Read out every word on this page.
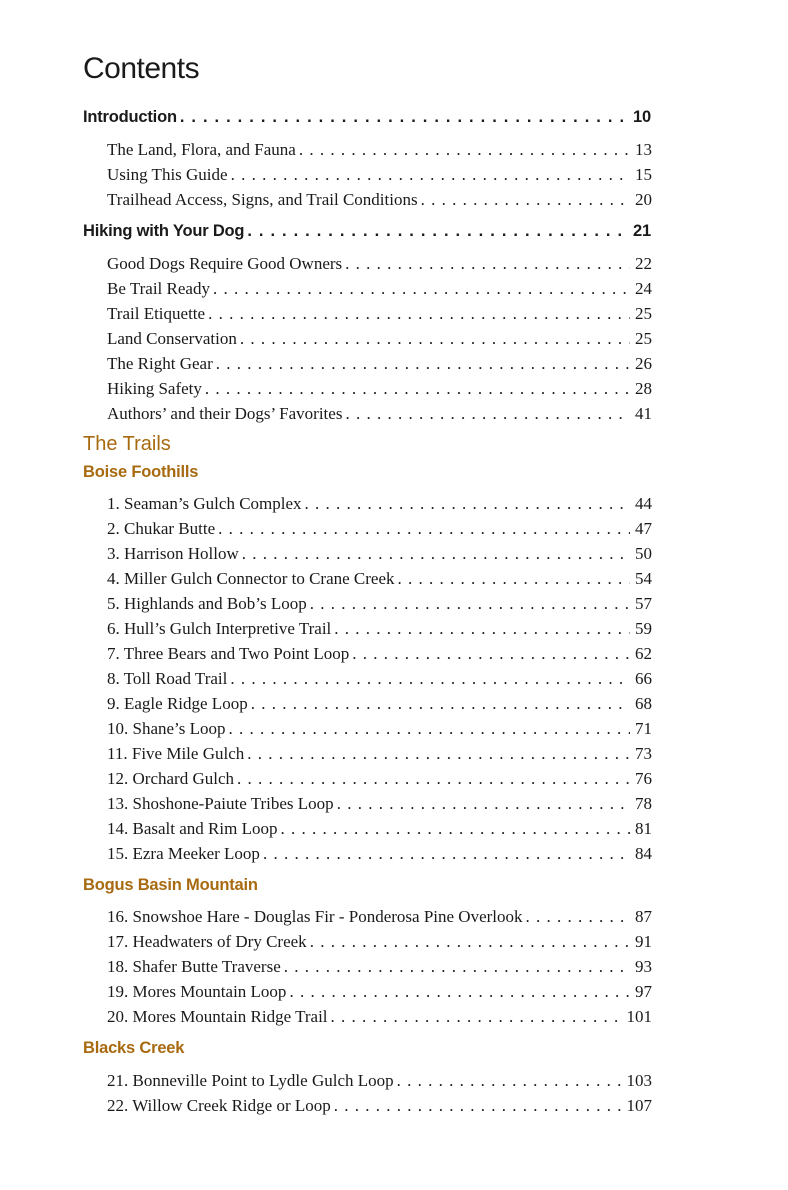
Contents
Introduction . . .	10
The Land, Flora, and Fauna . . .	13
Using This Guide . . .	15
Trailhead Access, Signs, and Trail Conditions . . .	20
Hiking with Your Dog . . .	21
Good Dogs Require Good Owners . . .	22
Be Trail Ready . . .	24
Trail Etiquette . . .	25
Land Conservation . . .	25
The Right Gear . . .	26
Hiking Safety . . .	28
Authors’ and their Dogs’ Favorites . . .	41
The Trails
Boise Foothills
1. Seaman’s Gulch Complex . . .	44
2. Chukar Butte . . .	47
3. Harrison Hollow . . .	50
4. Miller Gulch Connector to Crane Creek . . .	54
5. Highlands and Bob’s Loop . . .	57
6. Hull’s Gulch Interpretive Trail . . .	59
7. Three Bears and Two Point Loop . . .	62
8. Toll Road Trail . . .	66
9. Eagle Ridge Loop . . .	68
10. Shane’s Loop . . .	71
11. Five Mile Gulch . . .	73
12. Orchard Gulch . . .	76
13. Shoshone-Paiute Tribes Loop . . .	78
14. Basalt and Rim Loop . . .	81
15. Ezra Meeker Loop . . .	84
Bogus Basin Mountain
16. Snowshoe Hare - Douglas Fir - Ponderosa Pine Overlook . . .	87
17. Headwaters of Dry Creek . . .	91
18. Shafer Butte Traverse . . .	93
19. Mores Mountain Loop . . .	97
20. Mores Mountain Ridge Trail . . .	101
Blacks Creek
21. Bonneville Point to Lydle Gulch Loop . . .	103
22. Willow Creek Ridge or Loop . . .	107
